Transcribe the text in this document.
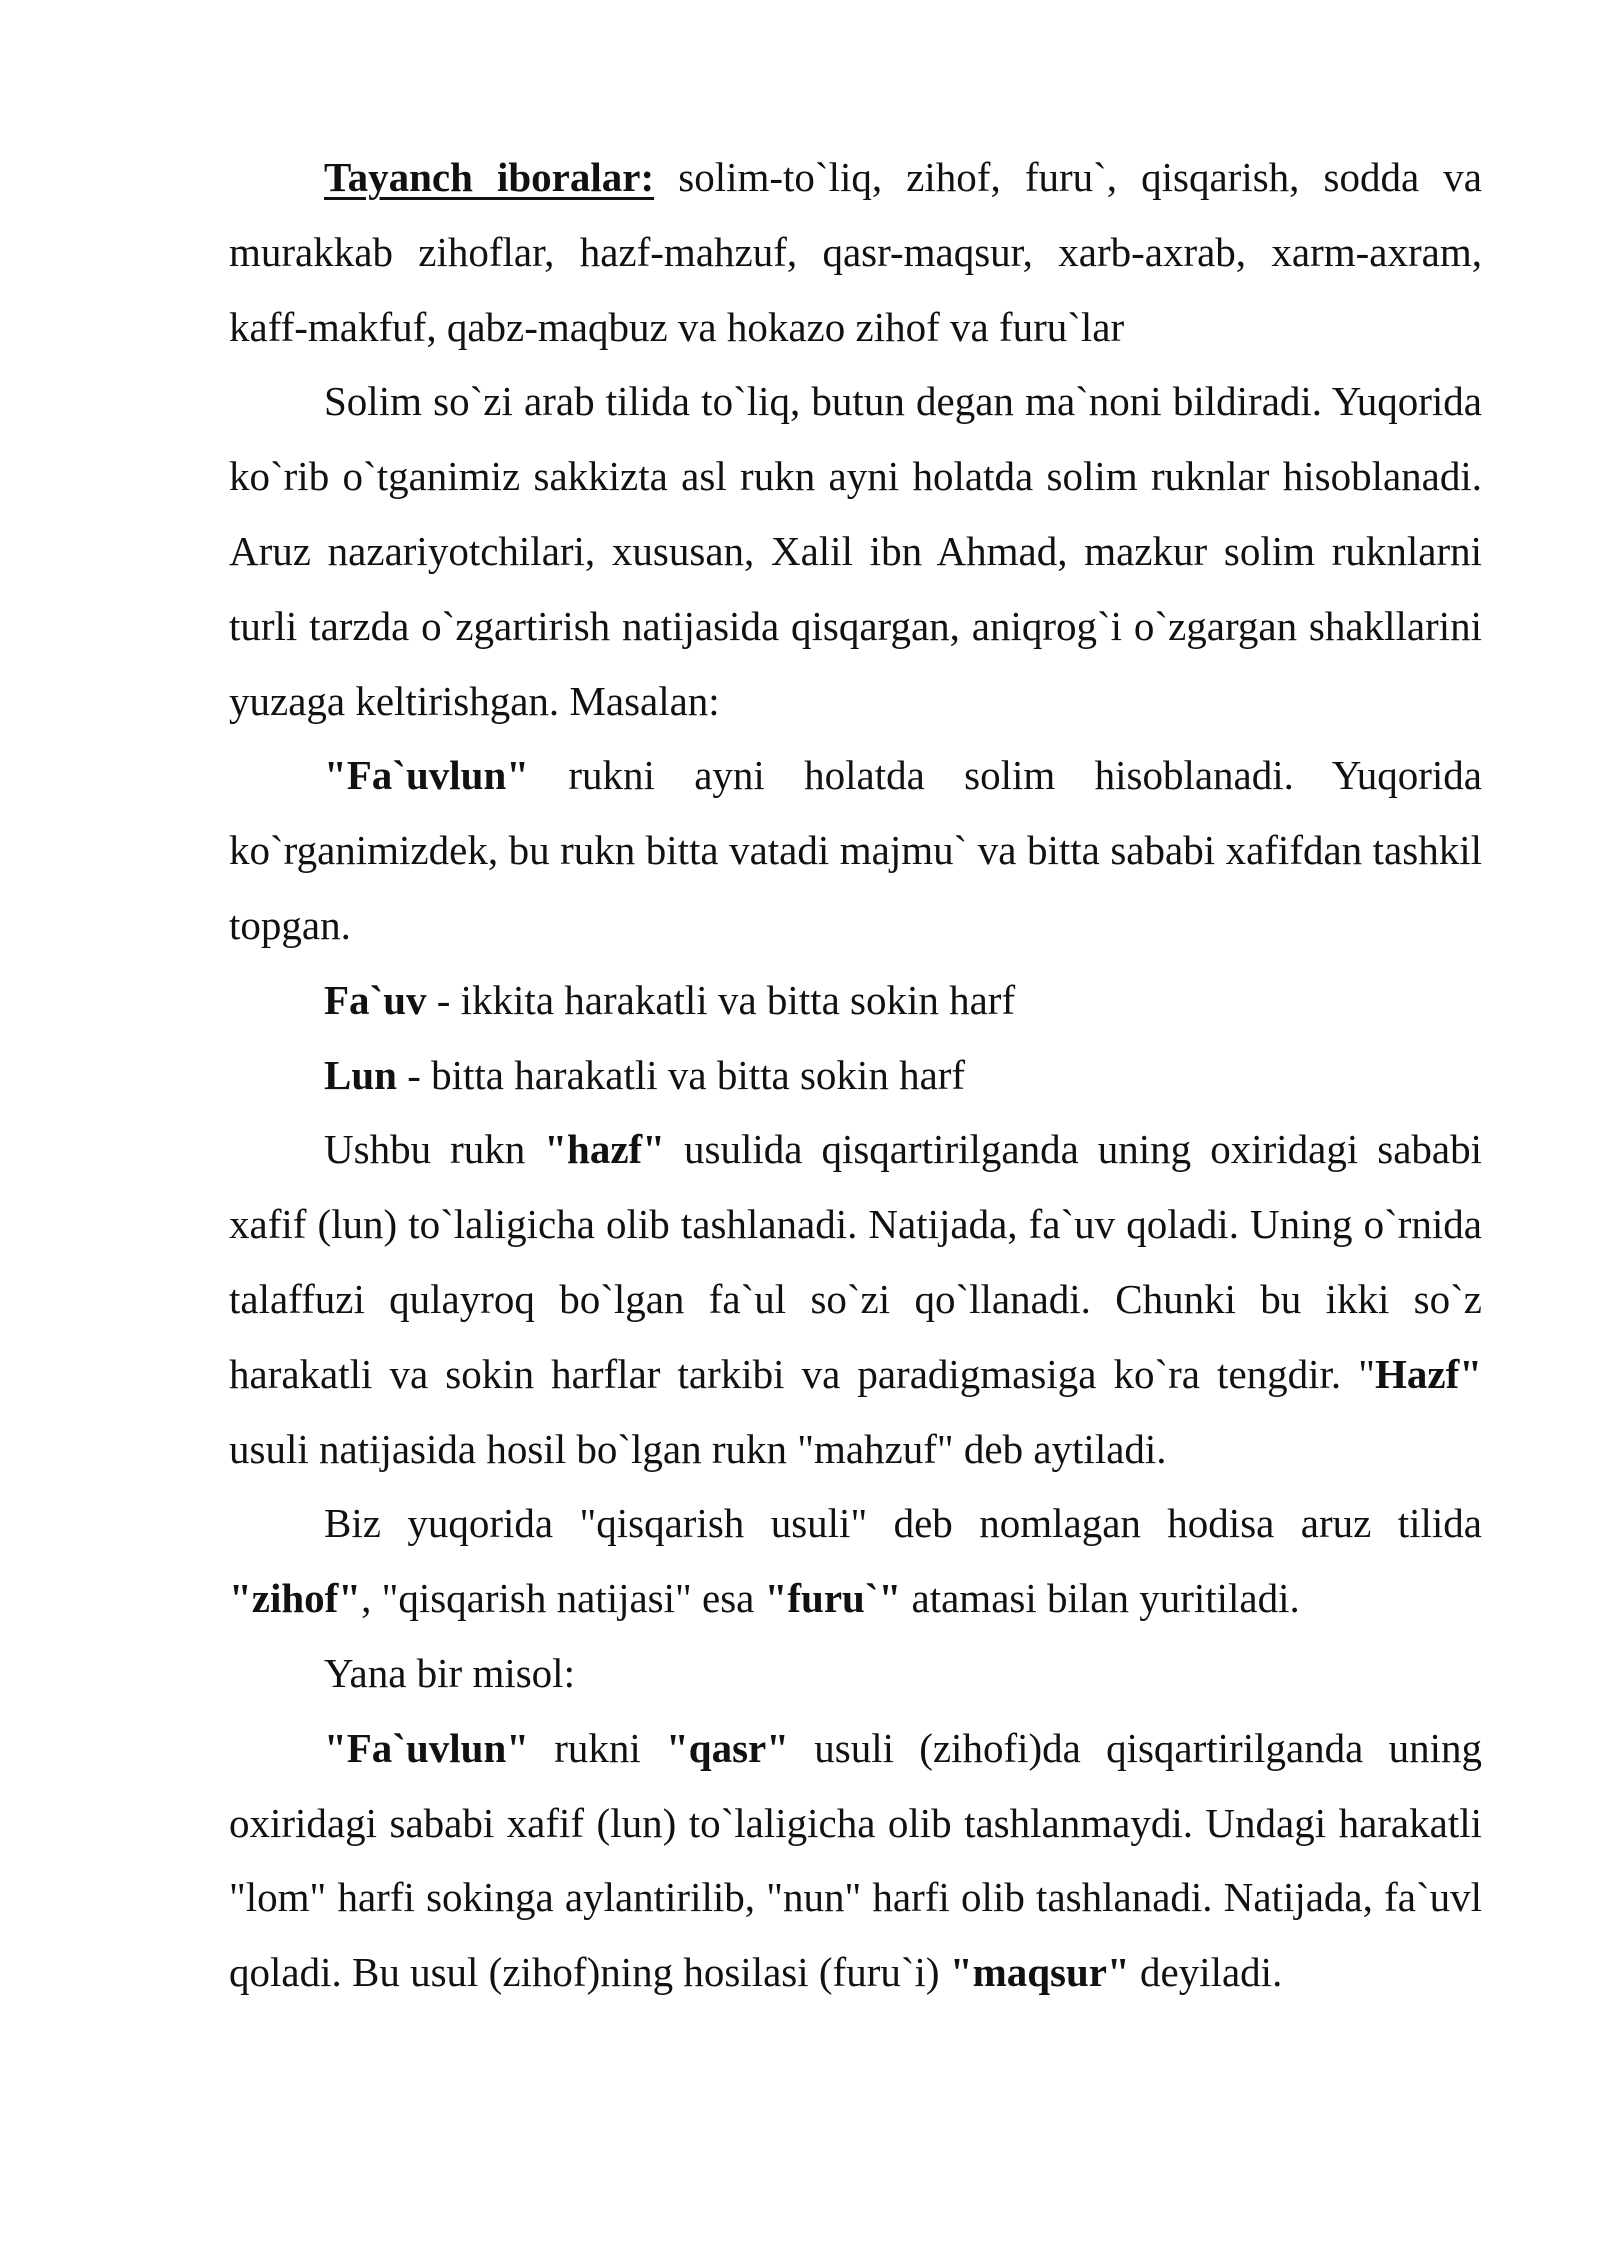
Tayanch iboralar: solim-to`liq, zihof, furu`, qisqarish, sodda va murakkab zihoflar, hazf-mahzuf, qasr-maqsur, xarb-axrab, xarm-axram, kaff-makfuf, qabz-maqbuz va hokazo zihof va furu`lar

Solim so`zi arab tilida to`liq, butun degan ma`noni bildiradi. Yuqorida ko`rib o`tganimiz sakkizta asl rukn ayni holatda solim ruknlar hisoblanadi. Aruz nazariyotchilari, xususan, Xalil ibn Ahmad, mazkur solim ruknlarni turli tarzda o`zgartirish natijasida qisqargan, aniqrog`i o`zgargan shakllarini yuzaga keltirishgan. Masalan:

"Fa`uvlun" rukni ayni holatda solim hisoblanadi. Yuqorida ko`rganimizdek, bu rukn bitta vatadi majmu` va bitta sababi xafifdan tashkil topgan.

Fa`uv - ikkita harakatli va bitta sokin harf

Lun - bitta harakatli va bitta sokin harf

Ushbu rukn "hazf" usulida qisqartirilganda uning oxiridagi sababi xafif (lun) to`laligicha olib tashlanadi. Natijada, fa`uv qoladi. Uning o`rnida talaffuzi qulayroq bo`lgan fa`ul so`zi qo`llanadi. Chunki bu ikki so`z harakatli va sokin harflar tarkibi va paradigmasiga ko`ra tengdir. "Hazf" usuli natijasida hosil bo`lgan rukn "mahzuf" deb aytiladi.

Biz yuqorida "qisqarish usuli" deb nomlagan hodisa aruz tilida "zihof", "qisqarish natijasi" esa "furu`" atamasi bilan yuritiladi.

Yana bir misol:

"Fa`uvlun" rukni "qasr" usuli (zihofi)da qisqartirilganda uning oxiridagi sababi xafif (lun) to`laligicha olib tashlanmaydi. Undagi harakatli "lom" harfi sokinga aylantirilib, "nun" harfi olib tashlanadi. Natijada, fa`uvl qoladi. Bu usul (zihof)ning hosilasi (furu`i) "maqsur" deyiladi.
